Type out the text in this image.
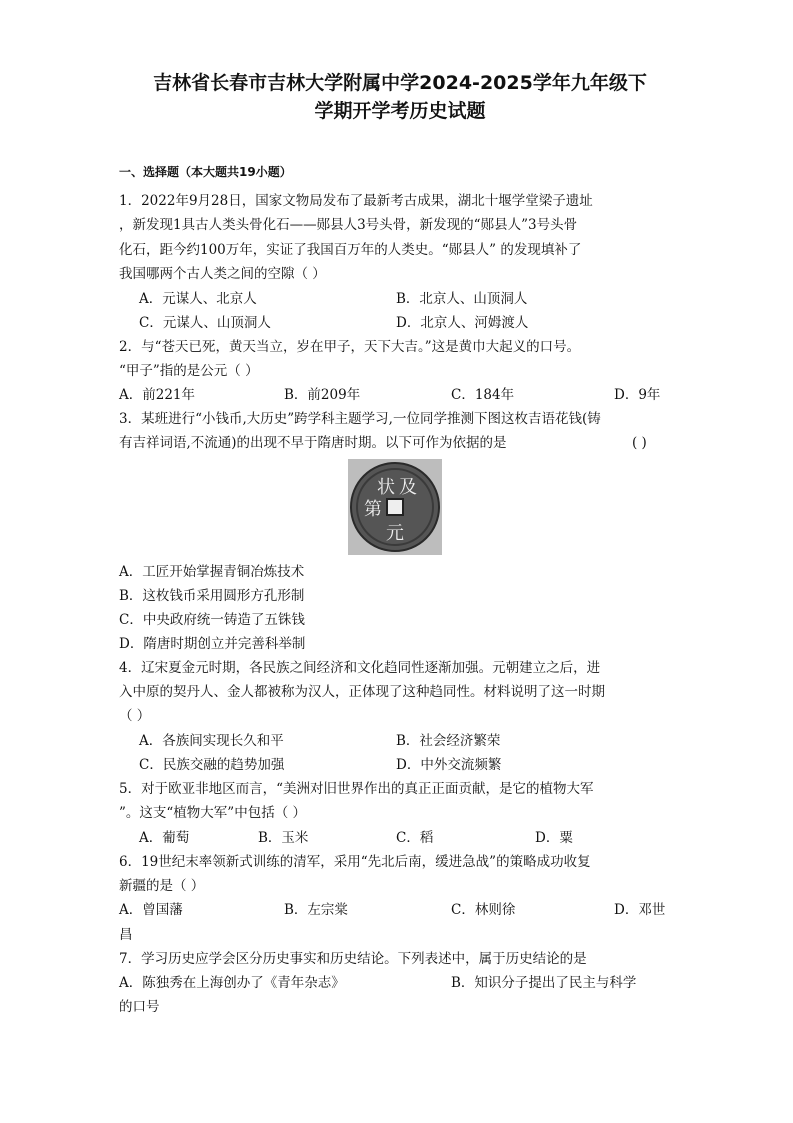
吉林省长春市吉林大学附属中学2024-2025学年九年级下
学期开学考历史试题
一、选择题（本大题共19小题）
1．2022年9月28日，国家文物局发布了最新考古成果，湖北十堰学堂梁子遗址
，新发现1具古人类头骨化石——郧县人3号头骨，新发现的“郧县人”3号头骨
化石，距今约100万年，实证了我国百万年的人类史。“郧县人” 的发现填补了
我国哪两个古人类之间的空隙（ ）
A．元谋人、北京人	B．北京人、山顶洞人
C．元谋人、山顶洞人	D．北京人、河姆渡人
2．与“苍天已死，黄天当立，岁在甲子，天下大吉。”这是黄巾大起义的口号。
“甲子”指的是公元（ ）
A．前221年	B．前209年	C．184年	D．9年
3．某班进行“小钱币,大历史”跨学科主题学习,一位同学推测下图这枚吉语花钱(铸
有吉祥词语,不流通)的出现不早于隋唐时期。以下可作为依据的是	( )
状 及
第
元
A．工匠开始掌握青铜冶炼技术
B．这枚钱币采用圆形方孔形制
C．中央政府统一铸造了五铢钱
D．隋唐时期创立并完善科举制
4．辽宋夏金元时期，各民族之间经济和文化趋同性逐渐加强。元朝建立之后，进
入中原的契丹人、金人都被称为汉人，正体现了这种趋同性。材料说明了这一时期
（ ）
A．各族间实现长久和平	B．社会经济繁荣
C．民族交融的趋势加强	D．中外交流频繁
5．对于欧亚非地区而言，“美洲对旧世界作出的真正正面贡献，是它的植物大军
”。这支“植物大军”中包括（ ）
A．葡萄	B．玉米	C．稻	D．粟
6．19世纪末率领新式训练的清军，采用“先北后南，缓进急战”的策略成功收复
新疆的是（ ）
A．曾国藩	B．左宗棠	C．林则徐	D．邓世
昌
7．学习历史应学会区分历史事实和历史结论。下列表述中，属于历史结论的是
A．陈独秀在上海创办了《青年杂志》	B．知识分子提出了民主与科学
的口号
